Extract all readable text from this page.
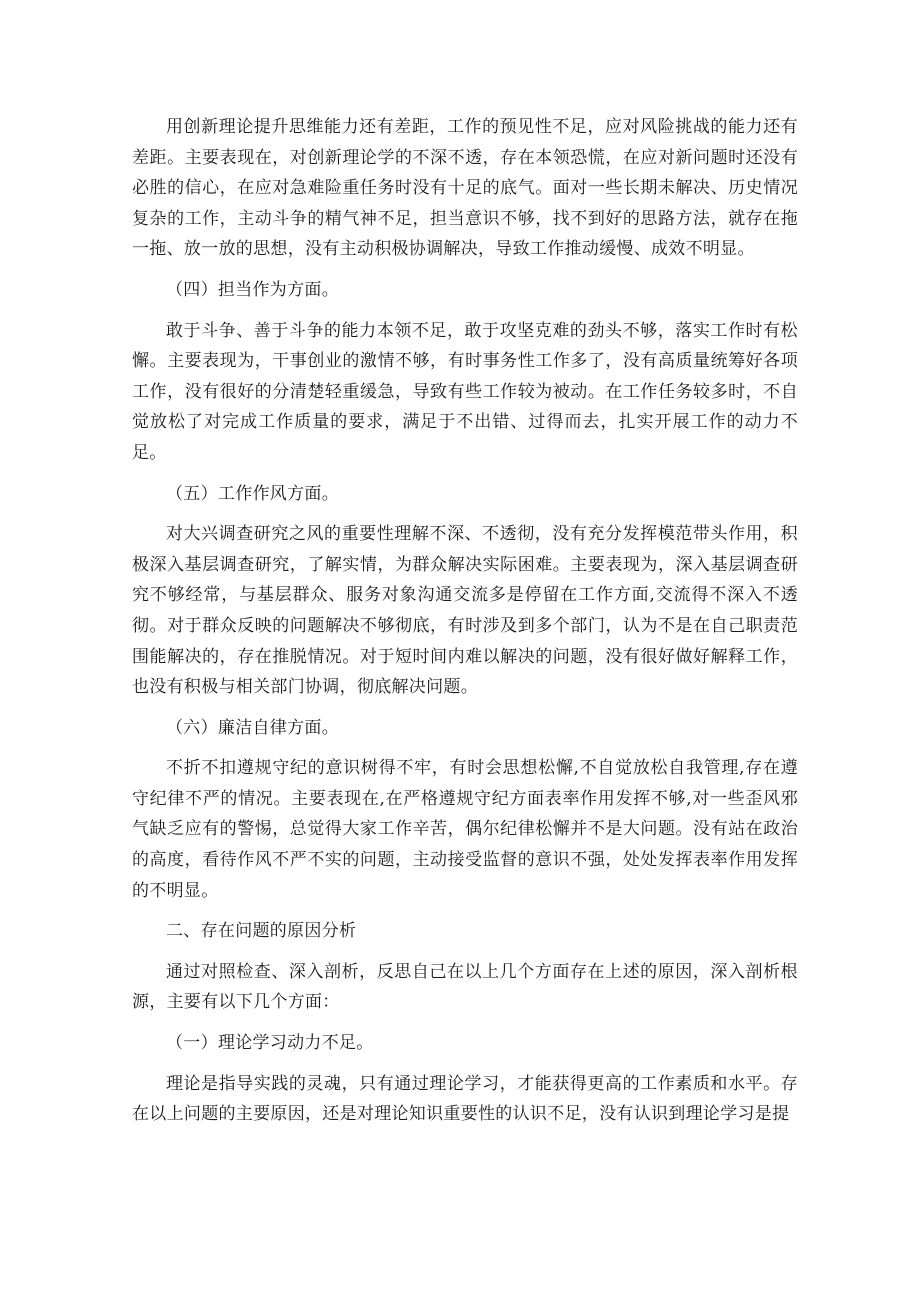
用创新理论提升思维能力还有差距，工作的预见性不足，应对风险挑战的能力还有差距。主要表现在，对创新理论学的不深不透，存在本领恐慌，在应对新问题时还没有必胜的信心，在应对急难险重任务时没有十足的底气。面对一些长期未解决、历史情况复杂的工作，主动斗争的精气神不足，担当意识不够，找不到好的思路方法，就存在拖一拖、放一放的思想，没有主动积极协调解决，导致工作推动缓慢、成效不明显。

（四）担当作为方面。

敢于斗争、善于斗争的能力本领不足，敢于攻坚克难的劲头不够，落实工作时有松懈。主要表现为，干事创业的激情不够，有时事务性工作多了，没有高质量统筹好各项工作，没有很好的分清楚轻重缓急，导致有些工作较为被动。在工作任务较多时，不自觉放松了对完成工作质量的要求，满足于不出错、过得而去，扎实开展工作的动力不足。

（五）工作作风方面。

对大兴调查研究之风的重要性理解不深、不透彻，没有充分发挥模范带头作用，积极深入基层调查研究，了解实情，为群众解决实际困难。主要表现为，深入基层调查研究不够经常，与基层群众、服务对象沟通交流多是停留在工作方面,交流得不深入不透彻。对于群众反映的问题解决不够彻底，有时涉及到多个部门，认为不是在自己职责范围能解决的，存在推脱情况。对于短时间内难以解决的问题，没有很好做好解释工作，也没有积极与相关部门协调，彻底解决问题。

（六）廉洁自律方面。

不折不扣遵规守纪的意识树得不牢，有时会思想松懈,不自觉放松自我管理,存在遵守纪律不严的情况。主要表现在,在严格遵规守纪方面表率作用发挥不够,对一些歪风邪气缺乏应有的警惕，总觉得大家工作辛苦，偶尔纪律松懈并不是大问题。没有站在政治的高度，看待作风不严不实的问题，主动接受监督的意识不强，处处发挥表率作用发挥的不明显。

二、存在问题的原因分析

通过对照检查、深入剖析，反思自己在以上几个方面存在上述的原因，深入剖析根源，主要有以下几个方面：

（一）理论学习动力不足。

理论是指导实践的灵魂，只有通过理论学习，才能获得更高的工作素质和水平。存在以上问题的主要原因，还是对理论知识重要性的认识不足，没有认识到理论学习是提
